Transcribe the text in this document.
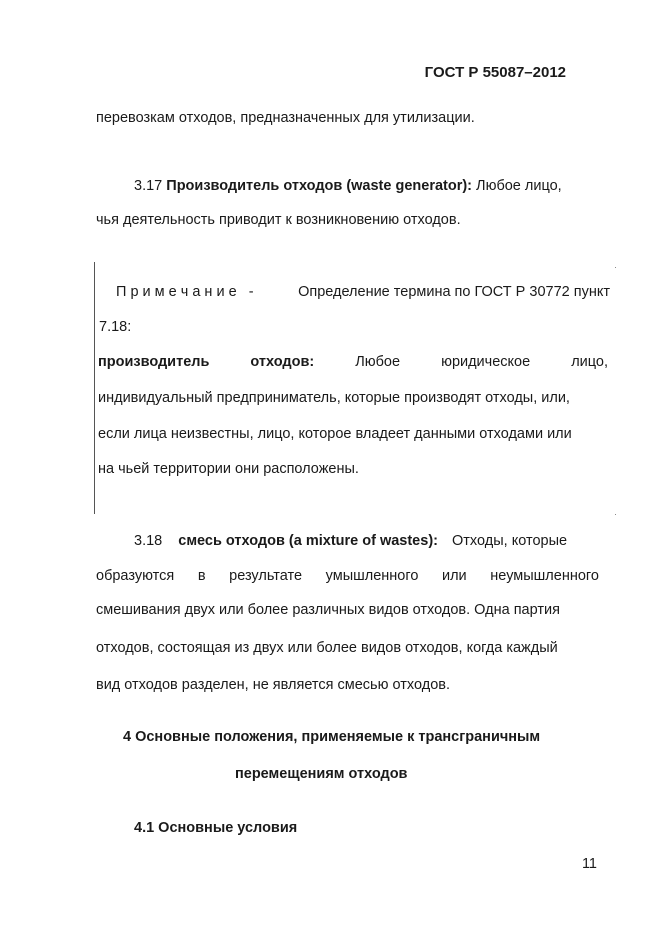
ГОСТ Р 55087–2012
перевозкам отходов, предназначенных для утилизации.
3.17 Производитель отходов (waste generator): Любое лицо,
чья деятельность приводит к возникновению отходов.
·
·
П р и м е ч а н и е -	Определение термина по ГОСТ Р 30772 пункт
7.18:
производитель	отходов:	Любое	юридическое	лицо,
индивидуальный предприниматель, которые производят отходы, или,
если лица неизвестны, лицо, которое владеет данными отходами или
на чьей территории они расположены.
3.18 смесь отходов (a mixture of wastes): Отходы, которые
образуются в результате умышленного или неумышленного
смешивания двух или более различных видов отходов. Одна партия
отходов, состоящая из двух или более видов отходов, когда каждый
вид отходов разделен, не является смесью отходов.
4 Основные положения, применяемые к трансграничным
перемещениям отходов
4.1 Основные условия
11
